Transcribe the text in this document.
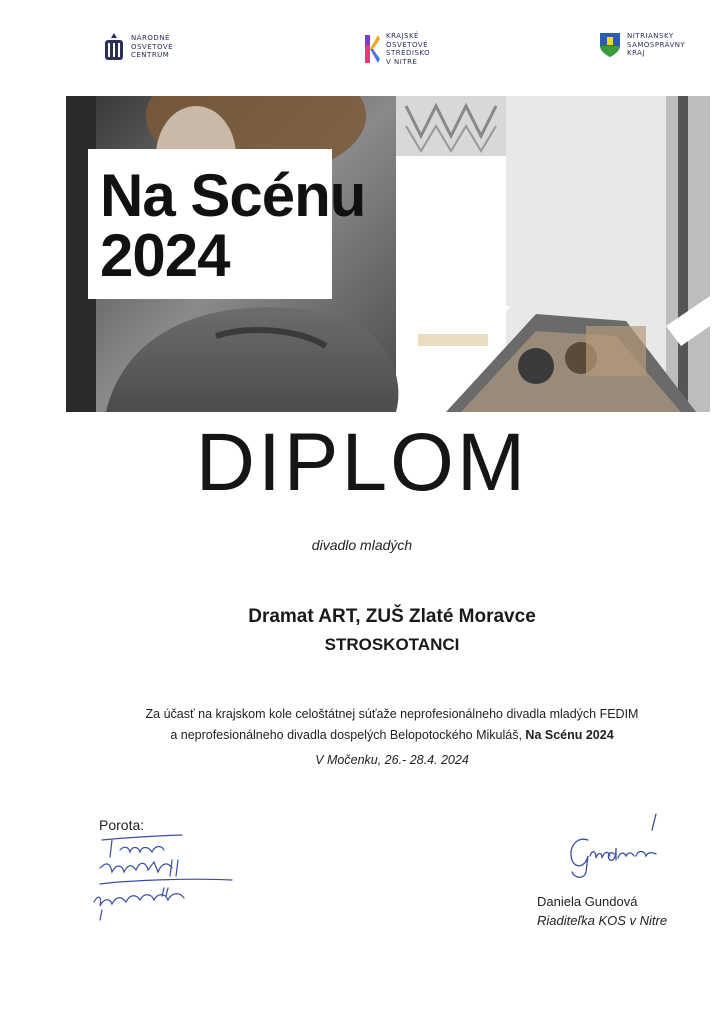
NÁRODNÉ
OSVETOVÉ
CENTRUM
KRAJSKÉ
OSVETOVÉ
STREDISKO
V NITRE
NITRIANSKY
SAMOSPRÁVNY
KRAJ
Na Scénu
2024
DIPLOM
divadlo mladých
Dramat ART, ZUŠ Zlaté Moravce
STROSKOTANCI
Za účasť na krajskom kole celoštátnej súťaže neprofesionálneho divadla mladých FEDIM
a neprofesionálneho divadla dospelých Belopotockého Mikuláš, Na Scénu 2024
V Močenku, 26.- 28.4. 2024
Porota:
Daniela Gundová
Riaditeľka KOS v Nitre
